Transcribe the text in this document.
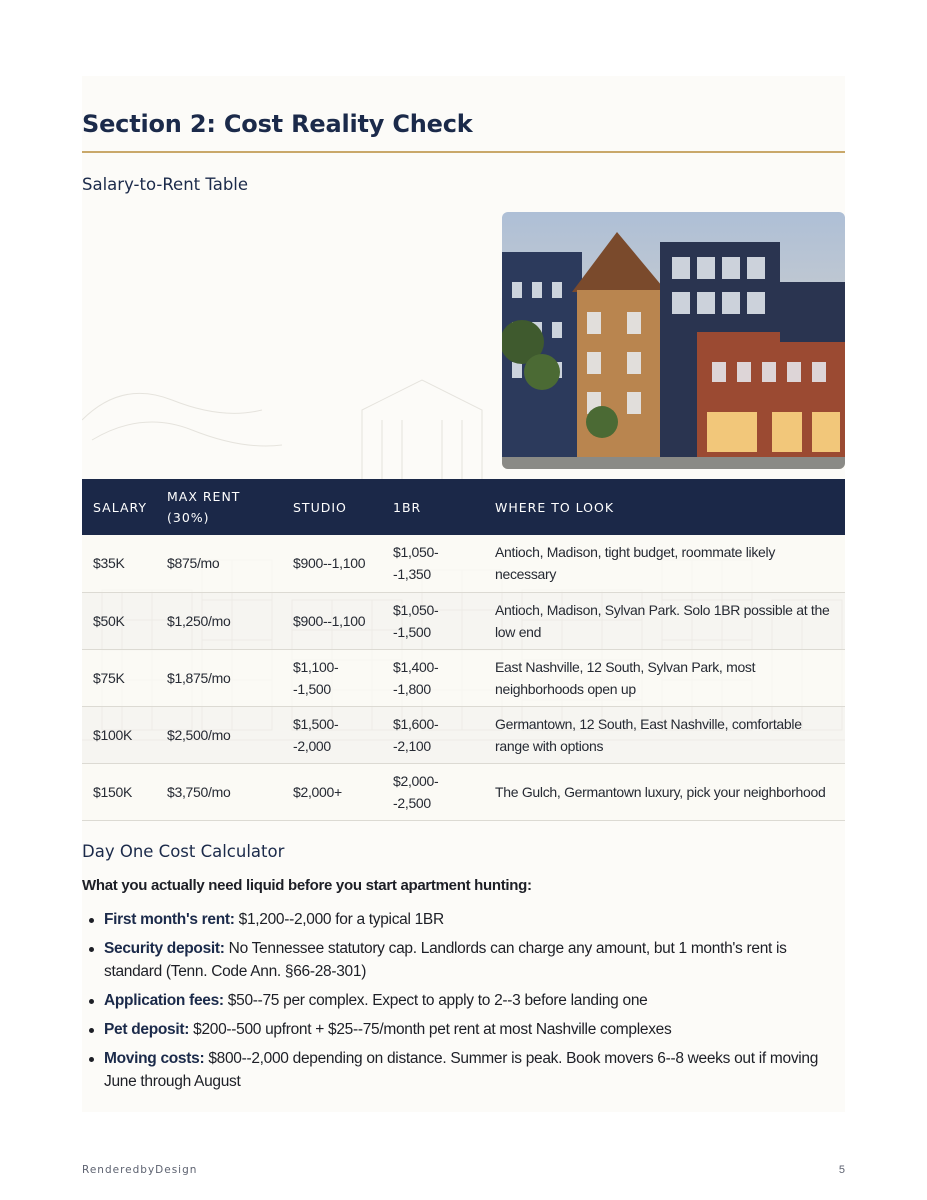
Section 2: Cost Reality Check
Salary-to-Rent Table
SALARY	MAX RENT (30%)	STUDIO	1BR	WHERE TO LOOK
$35K	$875/mo	$900--1,100	$1,050--1,350	Antioch, Madison, tight budget, roommate likely necessary
$50K	$1,250/mo	$900--1,100	$1,050--1,500	Antioch, Madison, Sylvan Park. Solo 1BR possible at the low end
$75K	$1,875/mo	$1,100--1,500	$1,400--1,800	East Nashville, 12 South, Sylvan Park, most neighborhoods open up
$100K	$2,500/mo	$1,500--2,000	$1,600--2,100	Germantown, 12 South, East Nashville, comfortable range with options
$150K	$3,750/mo	$2,000+	$2,000--2,500	The Gulch, Germantown luxury, pick your neighborhood
Day One Cost Calculator
What you actually need liquid before you start apartment hunting:
First month's rent: $1,200--2,000 for a typical 1BR
Security deposit: No Tennessee statutory cap. Landlords can charge any amount, but 1 month's rent is standard (Tenn. Code Ann. §66-28-301)
Application fees: $50--75 per complex. Expect to apply to 2--3 before landing one
Pet deposit: $200--500 upfront + $25--75/month pet rent at most Nashville complexes
Moving costs: $800--2,000 depending on distance. Summer is peak. Book movers 6--8 weeks out if moving June through August
RenderedbyDesign	5
